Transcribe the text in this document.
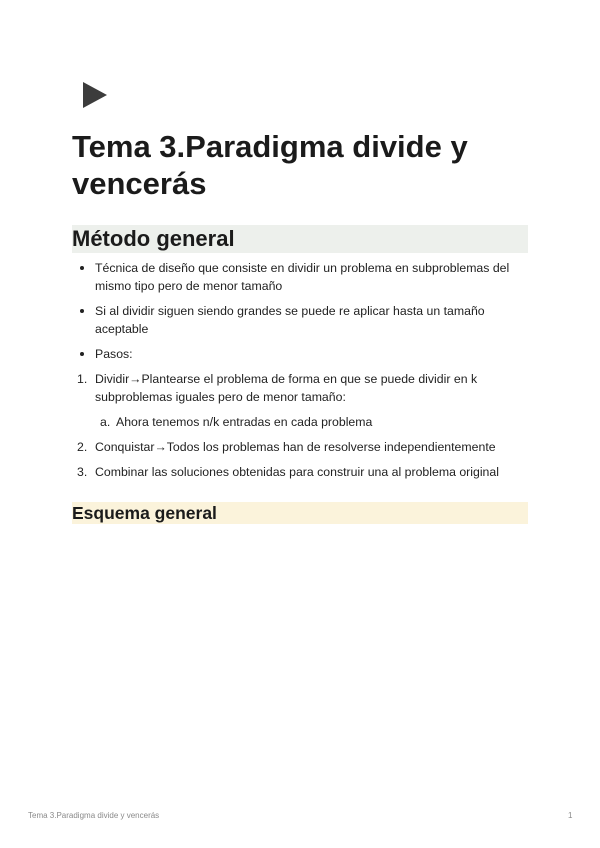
Tema 3.Paradigma divide y vencerás
Método general
Técnica de diseño que consiste en dividir un problema en subproblemas del mismo tipo pero de menor tamaño
Si al dividir siguen siendo grandes se puede re aplicar hasta un tamaño aceptable
Pasos:
1. Dividir→Plantearse el problema de forma en que se puede dividir en k subproblemas iguales pero de menor tamaño:
a. Ahora tenemos n/k entradas en cada problema
2. Conquistar→Todos los problemas han de resolverse independientemente
3. Combinar las soluciones obtenidas para construir una al problema original
Esquema general
Tema 3.Paradigma divide y vencerás	1
